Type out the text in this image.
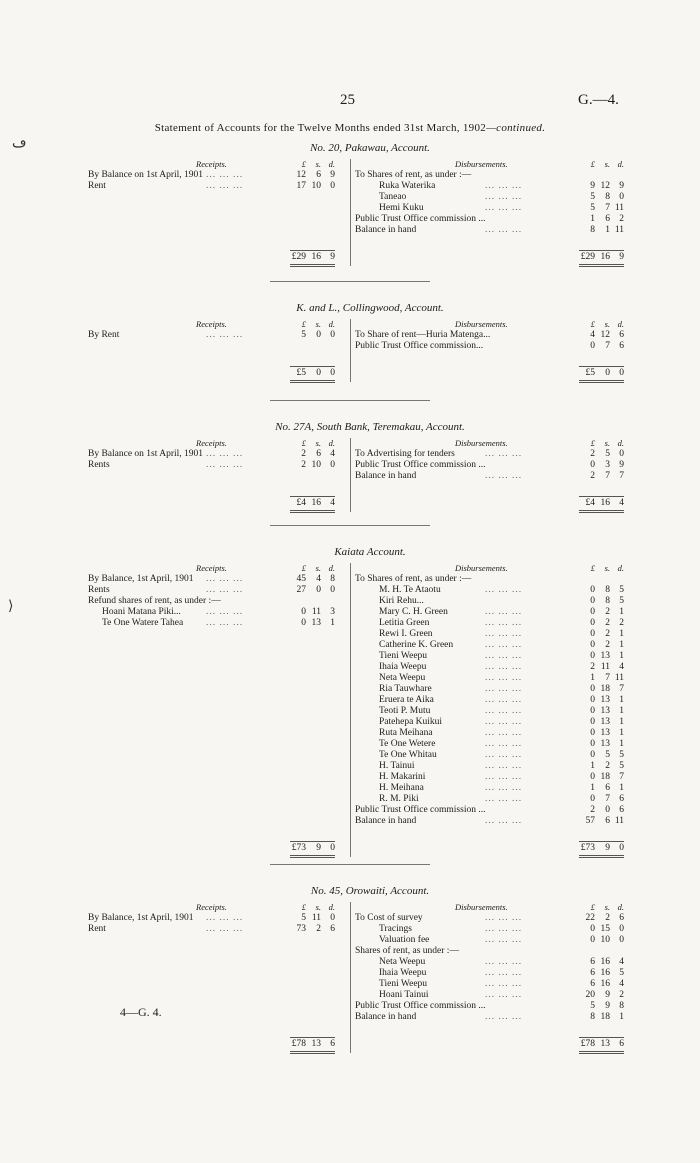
25	G.—4.
Statement of Accounts for the Twelve Months ended 31st March, 1902—continued.
ڡ
⟩
No. 20, Pakawau, Account.
Receipts.	£	s. d.
By Balance on 1st April, 1901 ... ... ...	12	6 9
Rent	... ... ...	17 10 0
£29 16 9
Disbursements.	£	s. d.
To Shares of rent, as under :—
Ruka Waterika	... ... ...	9 12 9
Taneao	... ... ...	5	8 0
Hemi Kuku	... ... ...	5	7 11
Public Trust Office commission ...	1	6 2
Balance in hand	... ... ...	8	1 11
£29 16 9
K. and L., Collingwood, Account.
Receipts.	£	s. d.
By Rent	... ... ...	5	0 0
£5	0 0
Disbursements.	£	s. d.
To Share of rent—Huria Matenga...	4 12 6
Public Trust Office commission...	0	7 6
£5	0 0
No. 27A, South Bank, Teremakau, Account.
Receipts.	£	s. d.
By Balance on 1st April, 1901 ... ... ...	2	6 4
Rents	... ... ...	2 10 0
£4 16 4
Disbursements.	£	s. d.
To Advertising for tenders	... ... ...	2	5 0
Public Trust Office commission ...	0	3 9
Balance in hand	... ... ...	2	7 7
£4 16 4
Kaiata Account.
Receipts.	£	s. d.
By Balance, 1st April, 1901 ... ... ...	45	4 8
Rents	... ... ...	27	0 0
Refund shares of rent, as under :—
Hoani Matana Piki...	... ... ...	0 11 3
Te One Watere Tahea ... ... ...	0 13 1
£73	9 0
Disbursements.	£	s. d.
To Shares of rent, as under :—
M. H. Te Ataotu	... ... ...	0	8 5
Kiri Rehu...	0	8 5
Mary C. H. Green	... ... ...	0	2 1
Letitia Green	... ... ...	0	2 2
Rewi I. Green	... ... ...	0	2 1
Catherine K. Green	... ... ...	0	2 1
Tieni Weepu	... ... ...	0 13 1
Ihaia Weepu	... ... ...	2 11 4
Neta Weepu	... ... ...	1	7 11
Ria Tauwhare	... ... ...	0 18 7
Eruera te Aika	... ... ...	0 13 1
Teoti P. Mutu	... ... ...	0 13 1
Patehepa Kuikui	... ... ...	0 13 1
Ruta Meihana	... ... ...	0 13 1
Te One Wetere	... ... ...	0 13 1
Te One Whitau	... ... ...	0	5 5
H. Tainui	... ... ...	1	2 5
H. Makarini	... ... ...	0 18 7
H. Meihana	... ... ...	1	6 1
R. M. Piki	... ... ...	0	7 6
Public Trust Office commission ...	2	0 6
Balance in hand	... ... ...	57	6 11
£73	9 0
No. 45, Orowaiti, Account.
Receipts.	£	s. d.
By Balance, 1st April, 1901 ... ... ...	5 11 0
Rent	... ... ...	73	2 6
£78 13 6
Disbursements.	£	s. d.
To Cost of survey	... ... ...	22	2 6
Tracings	... ... ...	0 15 0
Valuation fee	... ... ...	0 10 0
Shares of rent, as under :—
Neta Weepu	... ... ...	6 16 4
Ihaia Weepu	... ... ...	6 16 5
Tieni Weepu	... ... ...	6 16 4
Hoani Tainui	... ... ...	20	9 2
Public Trust Office commission ...	5	9 8
Balance in hand	... ... ...	8 18 1
£78 13 6
4—G. 4.
